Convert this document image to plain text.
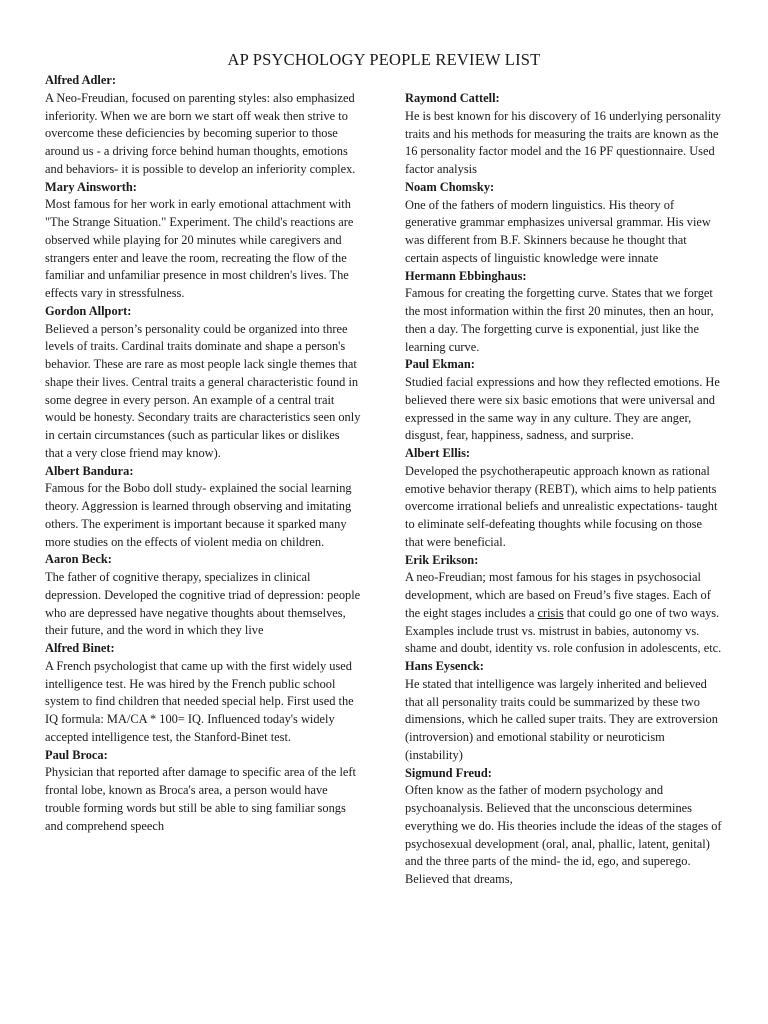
AP PSYCHOLOGY PEOPLE REVIEW LIST
Alfred Adler:
A Neo-Freudian, focused on parenting styles: also emphasized inferiority. When we are born we start off weak then strive to overcome these deficiencies by becoming superior to those around us - a driving force behind human thoughts, emotions and behaviors- it is possible to develop an inferiority complex.
Mary Ainsworth:
Most famous for her work in early emotional attachment with "The Strange Situation." Experiment. The child's reactions are observed while playing for 20 minutes while caregivers and strangers enter and leave the room, recreating the flow of the familiar and unfamiliar presence in most children's lives. The effects vary in stressfulness.
Gordon Allport:
Believed a person’s personality could be organized into three levels of traits. Cardinal traits dominate and shape a person's behavior. These are rare as most people lack single themes that shape their lives. Central traits a general characteristic found in some degree in every person. An example of a central trait would be honesty. Secondary traits are characteristics seen only in certain circumstances (such as particular likes or dislikes that a very close friend may know).
Albert Bandura:
Famous for the Bobo doll study- explained the social learning theory. Aggression is learned through observing and imitating others. The experiment is important because it sparked many more studies on the effects of violent media on children.
Aaron Beck:
The father of cognitive therapy, specializes in clinical depression. Developed the cognitive triad of depression: people who are depressed have negative thoughts about themselves, their future, and the word in which they live
Alfred Binet:
A French psychologist that came up with the first widely used intelligence test. He was hired by the French public school system to find children that needed special help. First used the IQ formula: MA/CA * 100= IQ. Influenced today's widely accepted intelligence test, the Stanford-Binet test.
Paul Broca:
Physician that reported after damage to specific area of the left frontal lobe, known as Broca's area, a person would have trouble forming words but still be able to sing familiar songs and comprehend speech
Raymond Cattell:
He is best known for his discovery of 16 underlying personality traits and his methods for measuring the traits are known as the 16 personality factor model and the 16 PF questionnaire. Used factor analysis
Noam Chomsky:
One of the fathers of modern linguistics. His theory of generative grammar emphasizes universal grammar. His view was different from B.F. Skinners because he thought that certain aspects of linguistic knowledge were innate
Hermann Ebbinghaus:
Famous for creating the forgetting curve. States that we forget the most information within the first 20 minutes, then an hour, then a day. The forgetting curve is exponential, just like the learning curve.
Paul Ekman:
Studied facial expressions and how they reflected emotions. He believed there were six basic emotions that were universal and expressed in the same way in any culture. They are anger, disgust, fear, happiness, sadness, and surprise.
Albert Ellis:
Developed the psychotherapeutic approach known as rational emotive behavior therapy (REBT), which aims to help patients overcome irrational beliefs and unrealistic expectations- taught to eliminate self-defeating thoughts while focusing on those that were beneficial.
Erik Erikson:
A neo-Freudian; most famous for his stages in psychosocial development, which are based on Freud’s five stages. Each of the eight stages includes a crisis that could go one of two ways. Examples include trust vs. mistrust in babies, autonomy vs. shame and doubt, identity vs. role confusion in adolescents, etc.
Hans Eysenck:
He stated that intelligence was largely inherited and believed that all personality traits could be summarized by these two dimensions, which he called super traits. They are extroversion (introversion) and emotional stability or neuroticism (instability)
Sigmund Freud:
Often know as the father of modern psychology and psychoanalysis. Believed that the unconscious determines everything we do. His theories include the ideas of the stages of psychosexual development (oral, anal, phallic, latent, genital) and the three parts of the mind- the id, ego, and superego. Believed that dreams,
